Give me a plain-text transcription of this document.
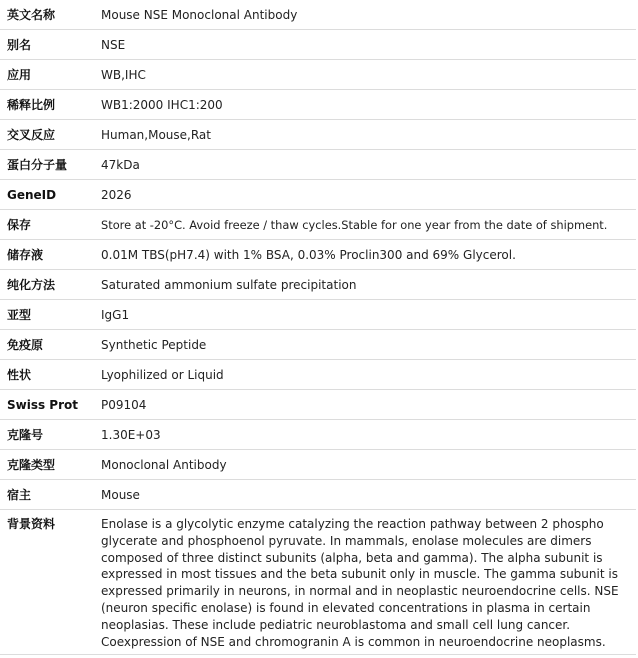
英文名称	Mouse NSE Monoclonal Antibody
别名	NSE
应用	WB,IHC
稀释比例	WB1:2000 IHC1:200
交叉反应	Human,Mouse,Rat
蛋白分子量	47kDa
GeneID	2026
保存	Store at -20°C. Avoid freeze / thaw cycles.Stable for one year from the date of shipment.
储存液	0.01M TBS(pH7.4) with 1% BSA, 0.03% Proclin300 and 69% Glycerol.
纯化方法	Saturated ammonium sulfate precipitation
亚型	IgG1
免疫原	Synthetic Peptide
性状	Lyophilized or Liquid
Swiss Prot	P09104
克隆号	1.30E+03
克隆类型	Monoclonal Antibody
宿主	Mouse
背景资料	Enolase is a glycolytic enzyme catalyzing the reaction pathway between 2 phospho glycerate and phosphoenol pyruvate. In mammals, enolase molecules are dimers composed of three distinct subunits (alpha, beta and gamma). The alpha subunit is expressed in most tissues and the beta subunit only in muscle. The gamma subunit is expressed primarily in neurons, in normal and in neoplastic neuroendocrine cells. NSE (neuron specific enolase) is found in elevated concentrations in plasma in certain neoplasias. These include pediatric neuroblastoma and small cell lung cancer. Coexpression of NSE and chromogranin A is common in neuroendocrine neoplasms.
